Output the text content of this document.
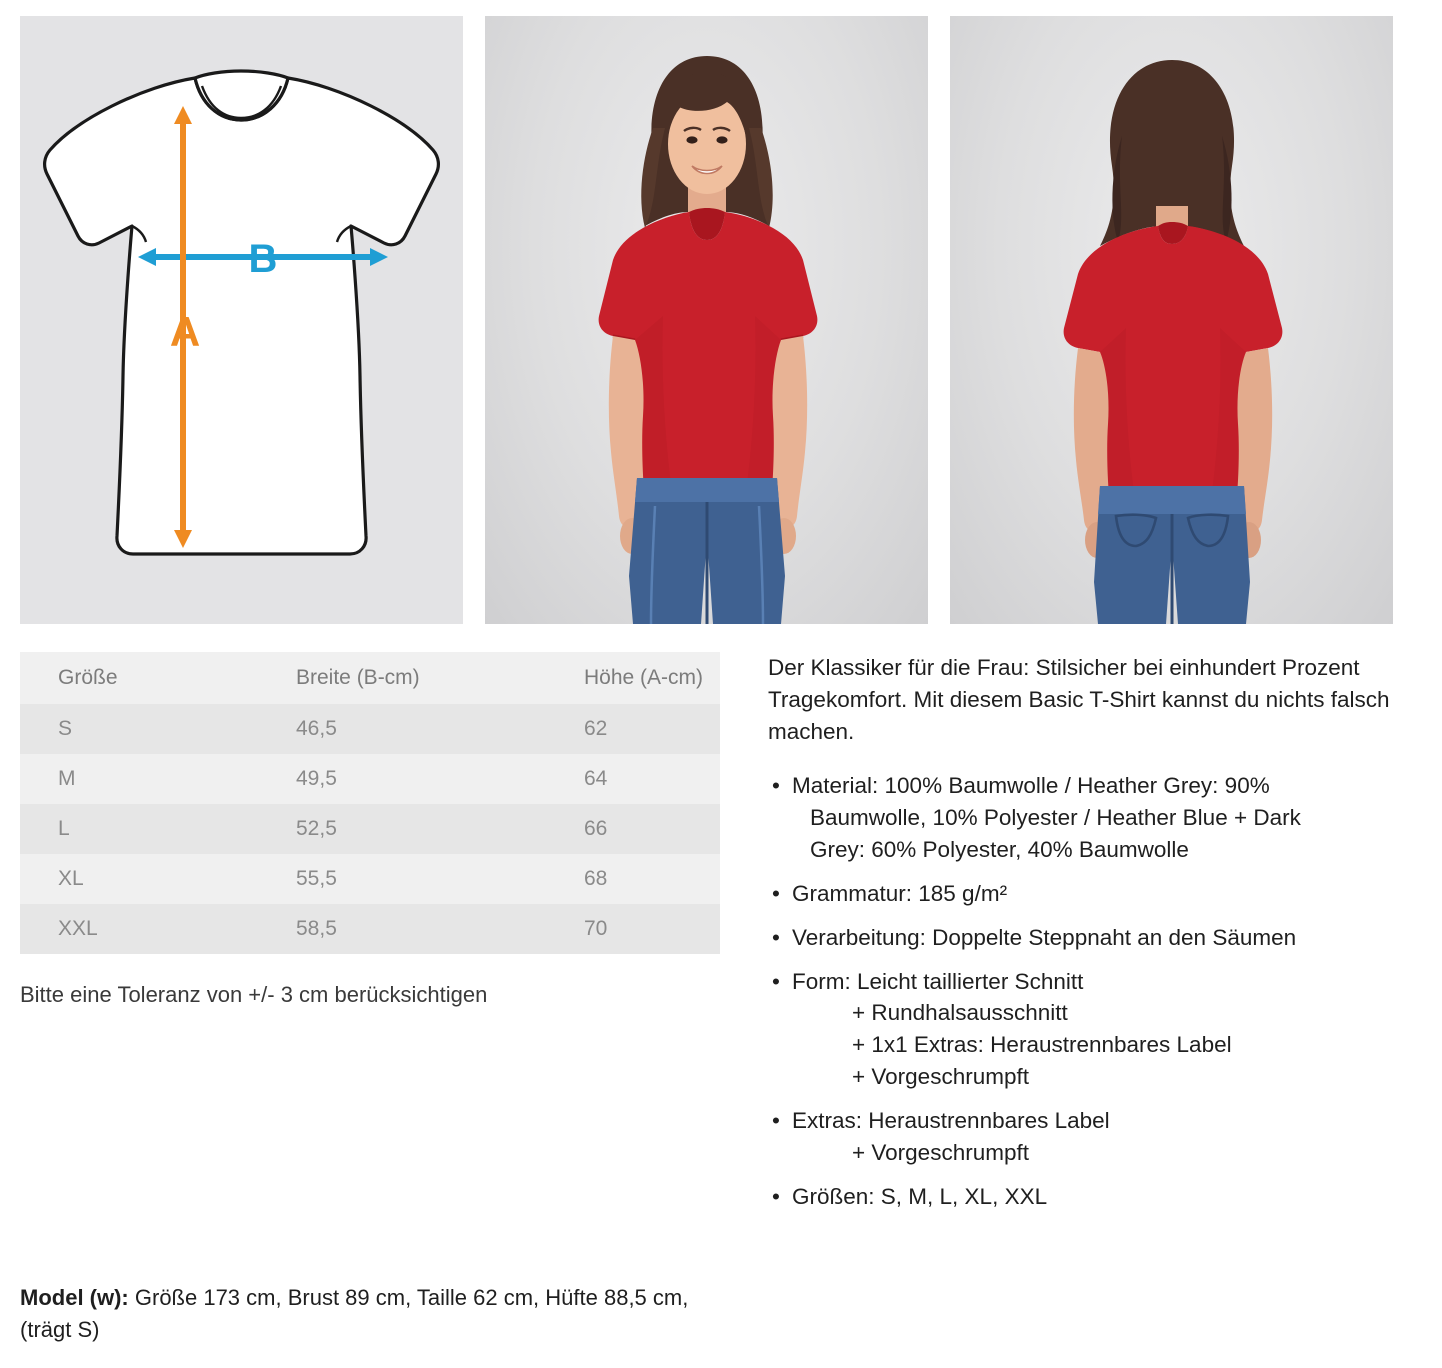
B
A
Größe	Breite (B-cm)	Höhe (A-cm)
S	46,5	62
M	49,5	64
L	52,5	66
XL	55,5	68
XXL	58,5	70
Bitte eine Toleranz von +/- 3 cm berücksichtigen

Der Klassiker für die Frau: Stilsicher bei einhundert Prozent Tragekomfort. Mit diesem Basic T-Shirt kannst du nichts falsch machen.

• Material: 100% Baumwolle / Heather Grey: 90%
Baumwolle, 10% Polyester / Heather Blue + Dark
Grey: 60% Polyester, 40% Baumwolle
• Grammatur: 185 g/m²
• Verarbeitung: Doppelte Steppnaht an den Säumen
• Form: Leicht taillierter Schnitt
+ Rundhalsausschnitt
+ 1x1 Extras: Heraustrennbares Label
+ Vorgeschrumpft
• Extras: Heraustrennbares Label
+ Vorgeschrumpft
• Größen: S, M, L, XL, XXL
Model (w): Größe 173 cm, Brust 89 cm, Taille 62 cm, Hüfte 88,5 cm, (trägt S)
